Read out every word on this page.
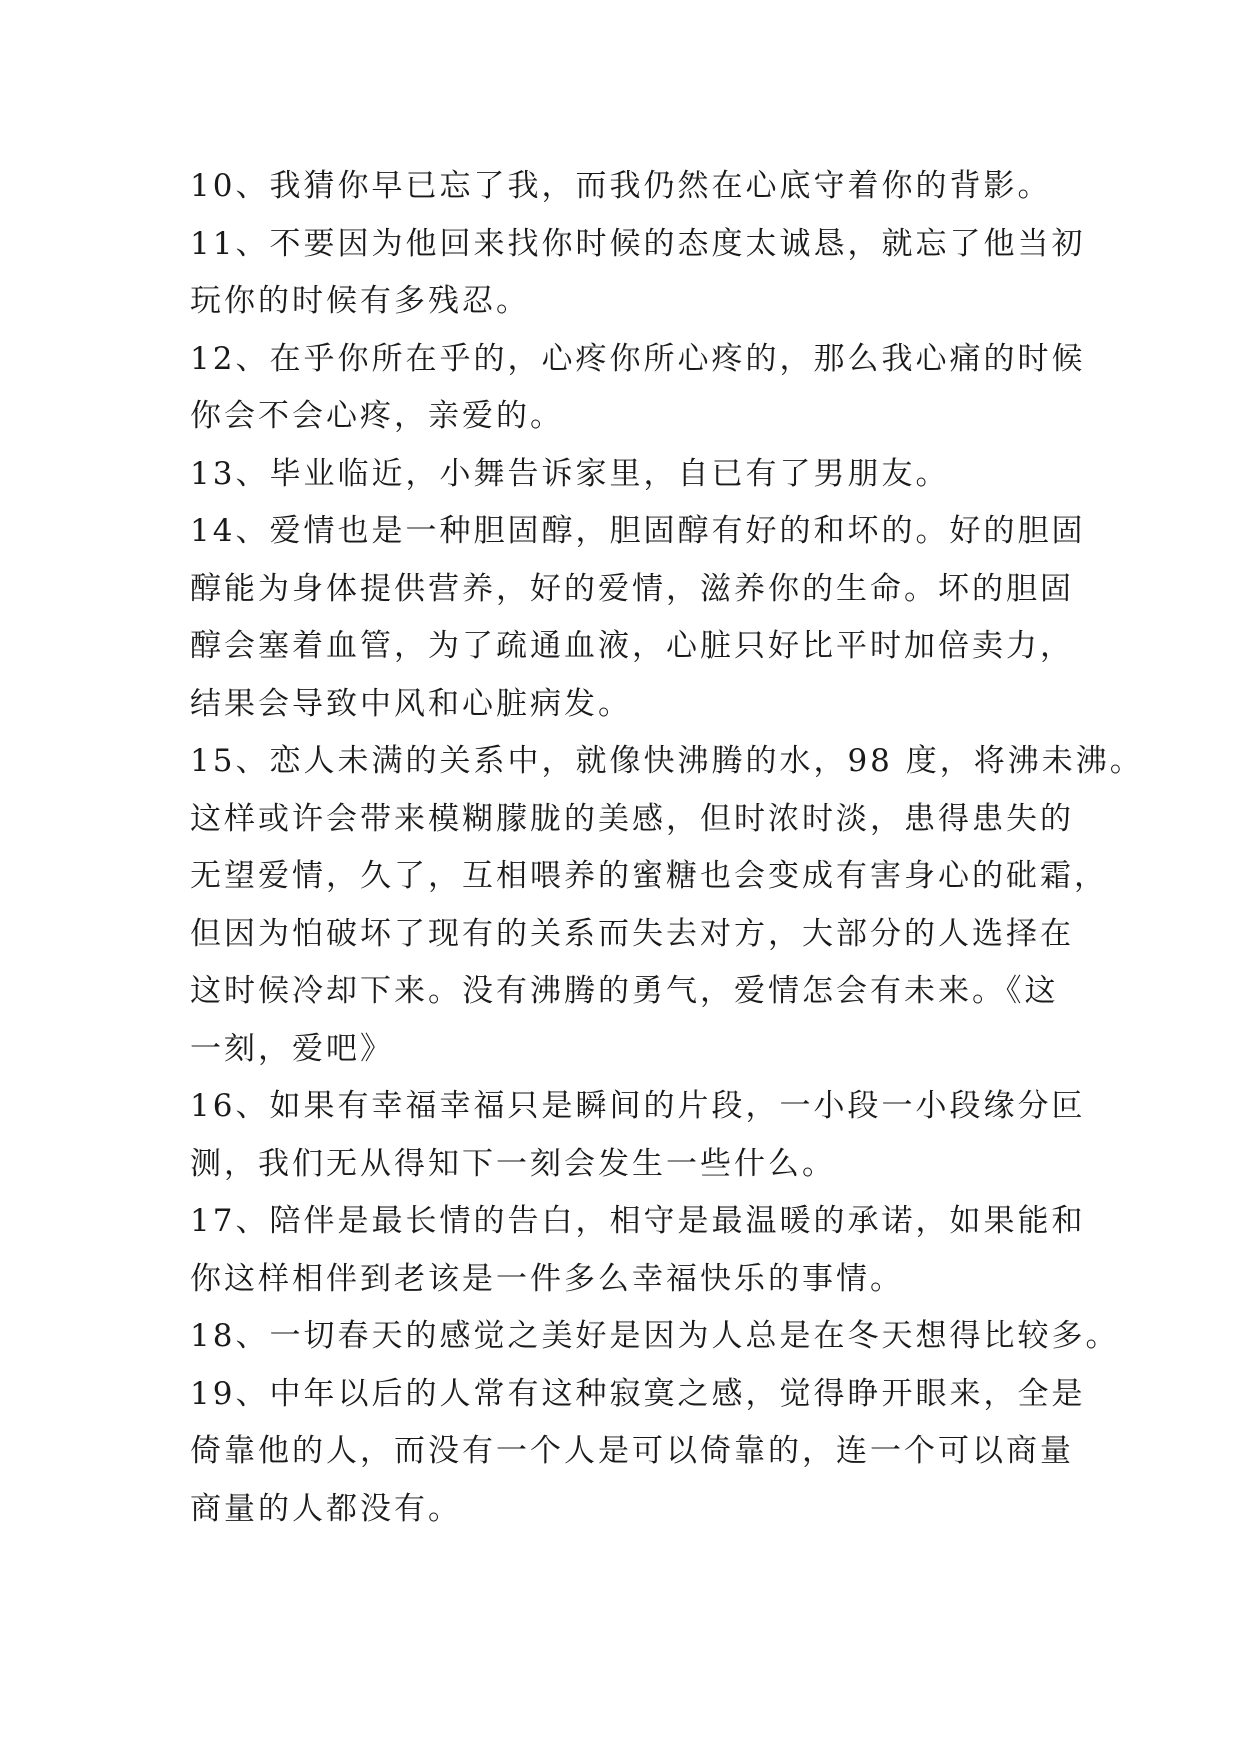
10、我猜你早已忘了我，而我仍然在心底守着你的背影。
11、不要因为他回来找你时候的态度太诚恳，就忘了他当初
玩你的时候有多残忍。
12、在乎你所在乎的，心疼你所心疼的，那么我心痛的时候
你会不会心疼，亲爱的。
13、毕业临近，小舞告诉家里，自已有了男朋友。
14、爱情也是一种胆固醇，胆固醇有好的和坏的。好的胆固
醇能为身体提供营养，好的爱情，滋养你的生命。坏的胆固
醇会塞着血管，为了疏通血液，心脏只好比平时加倍卖力，
结果会导致中风和心脏病发。
15、恋人未满的关系中，就像快沸腾的水，98 度，将沸未沸。
这样或许会带来模糊朦胧的美感，但时浓时淡，患得患失的
无望爱情，久了，互相喂养的蜜糖也会变成有害身心的砒霜，
但因为怕破坏了现有的关系而失去对方，大部分的人选择在
这时候冷却下来。没有沸腾的勇气，爱情怎会有未来。《这
一刻，爱吧》
16、如果有幸福幸福只是瞬间的片段，一小段一小段缘分叵
测，我们无从得知下一刻会发生一些什么。
17、陪伴是最长情的告白，相守是最温暖的承诺，如果能和
你这样相伴到老该是一件多么幸福快乐的事情。
18、一切春天的感觉之美好是因为人总是在冬天想得比较多。
19、中年以后的人常有这种寂寞之感，觉得睁开眼来，全是
倚靠他的人，而没有一个人是可以倚靠的，连一个可以商量
商量的人都没有。
